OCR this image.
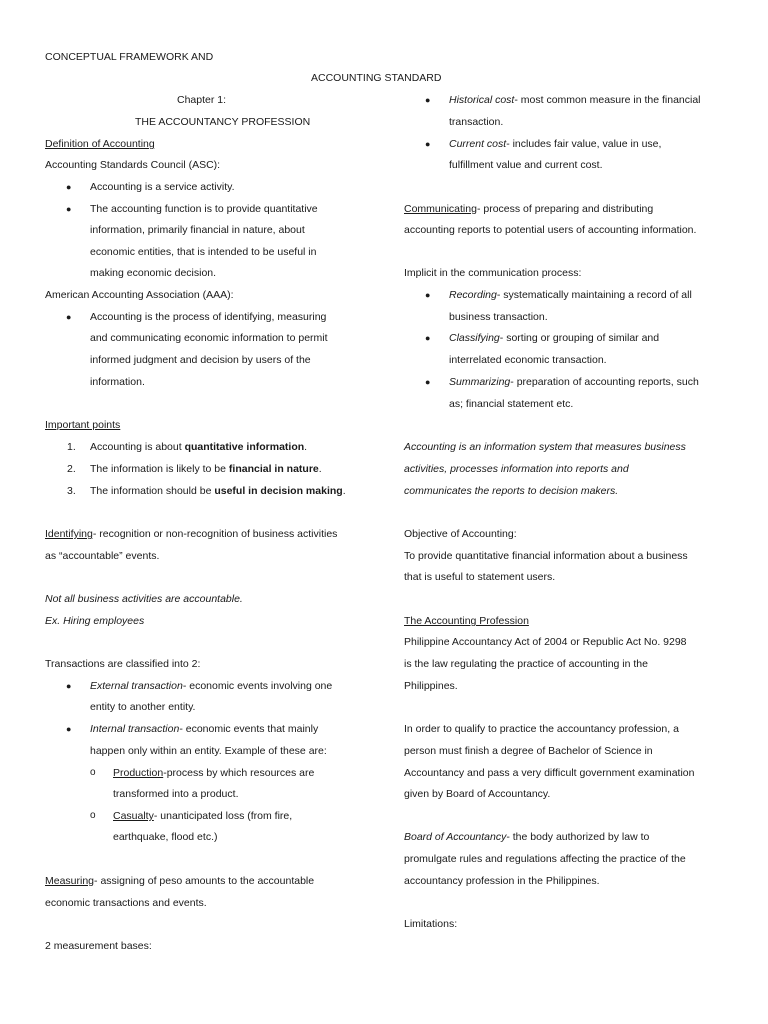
CONCEPTUAL FRAMEWORK AND
ACCOUNTING STANDARD
Chapter 1:
THE ACCOUNTANCY PROFESSION
Definition of Accounting
Accounting Standards Council (ASC):
● Accounting is a service activity.
● The accounting function is to provide quantitative
information, primarily financial in nature, about
economic entities, that is intended to be useful in
making economic decision.
American Accounting Association (AAA):
● Accounting is the process of identifying, measuring
and communicating economic information to permit
informed judgment and decision by users of the
information.
Important points
1. Accounting is about quantitative information.
2. The information is likely to be financial in nature.
3. The information should be useful in decision making.
Identifying- recognition or non-recognition of business activities
as “accountable” events.
Not all business activities are accountable.
Ex. Hiring employees
Transactions are classified into 2:
● External transaction- economic events involving one
entity to another entity.
● Internal transaction- economic events that mainly
happen only within an entity. Example of these are:
o Production-process by which resources are
transformed into a product.
o Casualty- unanticipated loss (from fire,
earthquake, flood etc.)
Measuring- assigning of peso amounts to the accountable
economic transactions and events.
2 measurement bases:
● Historical cost- most common measure in the financial
transaction.
● Current cost- includes fair value, value in use,
fulfillment value and current cost.
Communicating- process of preparing and distributing
accounting reports to potential users of accounting information.
Implicit in the communication process:
● Recording- systematically maintaining a record of all
business transaction.
● Classifying- sorting or grouping of similar and
interrelated economic transaction.
● Summarizing- preparation of accounting reports, such
as; financial statement etc.
Accounting is an information system that measures business
activities, processes information into reports and
communicates the reports to decision makers.
Objective of Accounting:
To provide quantitative financial information about a business
that is useful to statement users.
The Accounting Profession
Philippine Accountancy Act of 2004 or Republic Act No. 9298
is the law regulating the practice of accounting in the
Philippines.
In order to qualify to practice the accountancy profession, a
person must finish a degree of Bachelor of Science in
Accountancy and pass a very difficult government examination
given by Board of Accountancy.
Board of Accountancy- the body authorized by law to
promulgate rules and regulations affecting the practice of the
accountancy profession in the Philippines.
Limitations:
